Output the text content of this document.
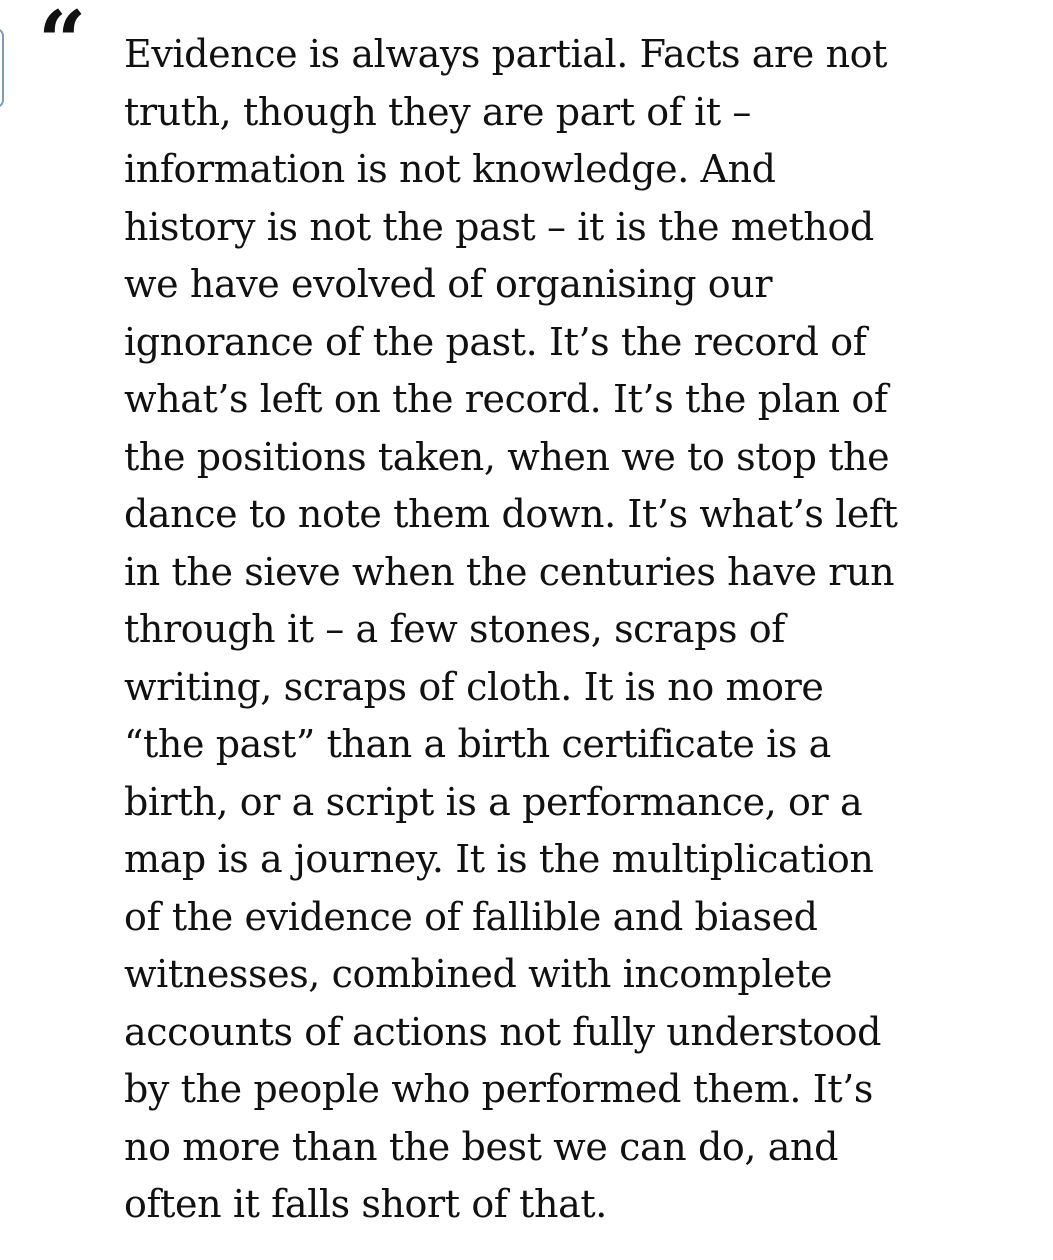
“ Evidence is always partial. Facts are not
truth, though they are part of it –
information is not knowledge. And
history is not the past – it is the method
we have evolved of organising our
ignorance of the past. It’s the record of
what’s left on the record. It’s the plan of
the positions taken, when we to stop the
dance to note them down. It’s what’s left
in the sieve when the centuries have run
through it – a few stones, scraps of
writing, scraps of cloth. It is no more
“the past” than a birth certificate is a
birth, or a script is a performance, or a
map is a journey. It is the multiplication
of the evidence of fallible and biased
witnesses, combined with incomplete
accounts of actions not fully understood
by the people who performed them. It’s
no more than the best we can do, and
often it falls short of that.
